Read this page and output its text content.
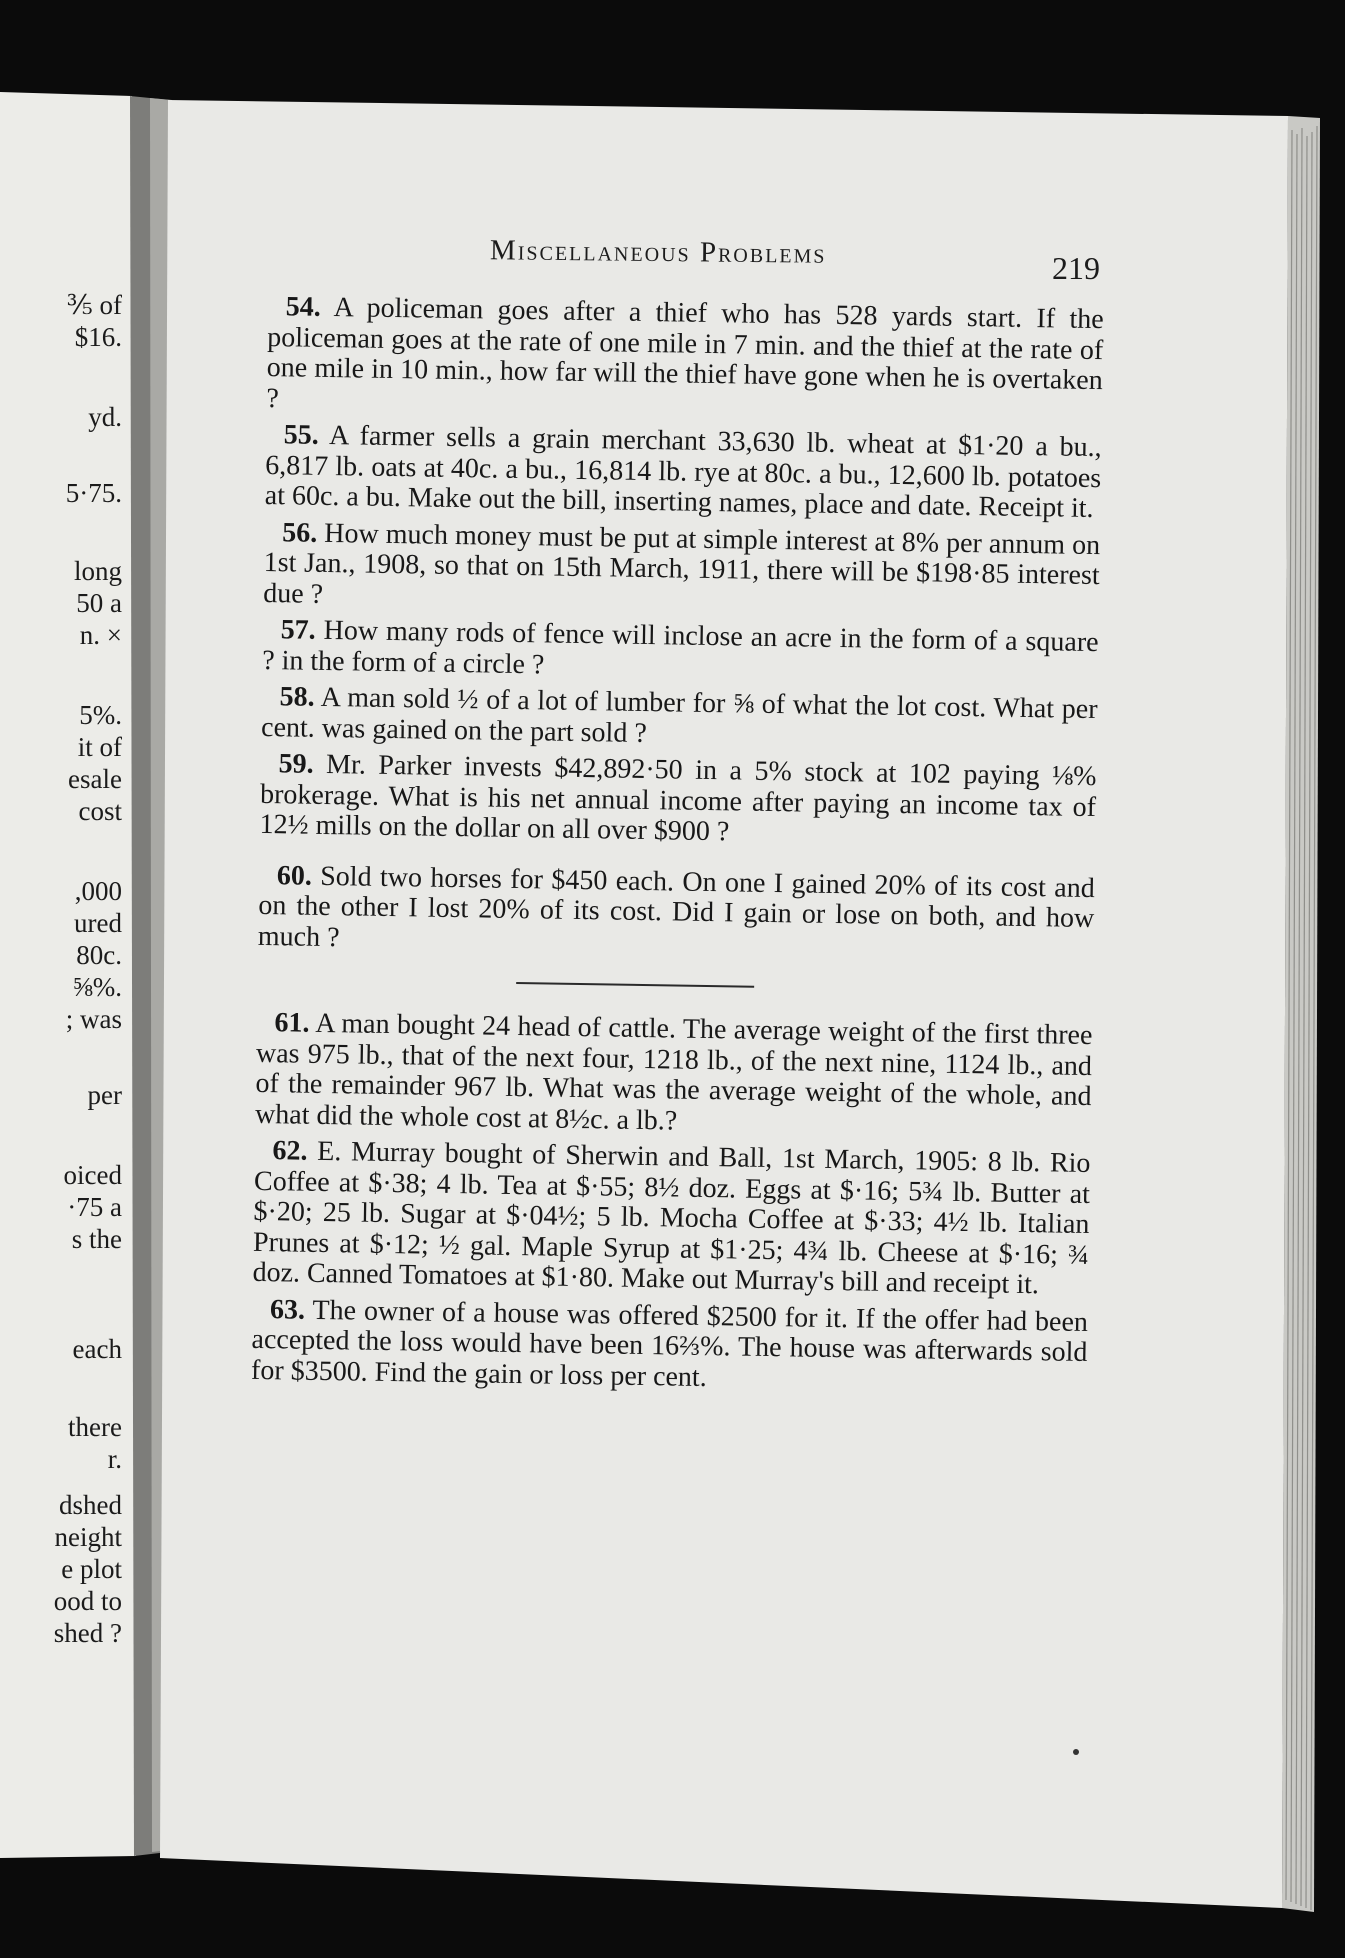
⅗ of
$16.
yd.
5·75.
long
50 a
n. ×
5%.
it of
esale
cost
,000
ured
80c.
⅝%.
; was
per
oiced
·75 a
s the
each
there
r.
dshed
neight
e plot
ood to
shed ?
Miscellaneous Problems	219

54. A policeman goes after a thief who has 528 yards start. If the policeman goes at the rate of one mile in 7 min. and the thief at the rate of one mile in 10 min., how far will the thief have gone when he is overtaken ?

55. A farmer sells a grain merchant 33,630 lb. wheat at $1·20 a bu., 6,817 lb. oats at 40c. a bu., 16,814 lb. rye at 80c. a bu., 12,600 lb. potatoes at 60c. a bu. Make out the bill, inserting names, place and date. Receipt it.

56. How much money must be put at simple interest at 8% per annum on 1st Jan., 1908, so that on 15th March, 1911, there will be $198·85 interest due ?

57. How many rods of fence will inclose an acre in the form of a square ? in the form of a circle ?

58. A man sold ½ of a lot of lumber for ⅝ of what the lot cost. What per cent. was gained on the part sold ?

59. Mr. Parker invests $42,892·50 in a 5% stock at 102 paying ⅛% brokerage. What is his net annual income after paying an income tax of 12½ mills on the dollar on all over $900 ?

60. Sold two horses for $450 each. On one I gained 20% of its cost and on the other I lost 20% of its cost. Did I gain or lose on both, and how much ?

61. A man bought 24 head of cattle. The average weight of the first three was 975 lb., that of the next four, 1218 lb., of the next nine, 1124 lb., and of the remainder 967 lb. What was the average weight of the whole, and what did the whole cost at 8½c. a lb.?

62. E. Murray bought of Sherwin and Ball, 1st March, 1905: 8 lb. Rio Coffee at $·38; 4 lb. Tea at $·55; 8½ doz. Eggs at $·16; 5¾ lb. Butter at $·20; 25 lb. Sugar at $·04½; 5 lb. Mocha Coffee at $·33; 4½ lb. Italian Prunes at $·12; ½ gal. Maple Syrup at $1·25; 4¾ lb. Cheese at $·16; ¾ doz. Canned Tomatoes at $1·80. Make out Murray's bill and receipt it.

63. The owner of a house was offered $2500 for it. If the offer had been accepted the loss would have been 16⅔%. The house was afterwards sold for $3500. Find the gain or loss per cent.
